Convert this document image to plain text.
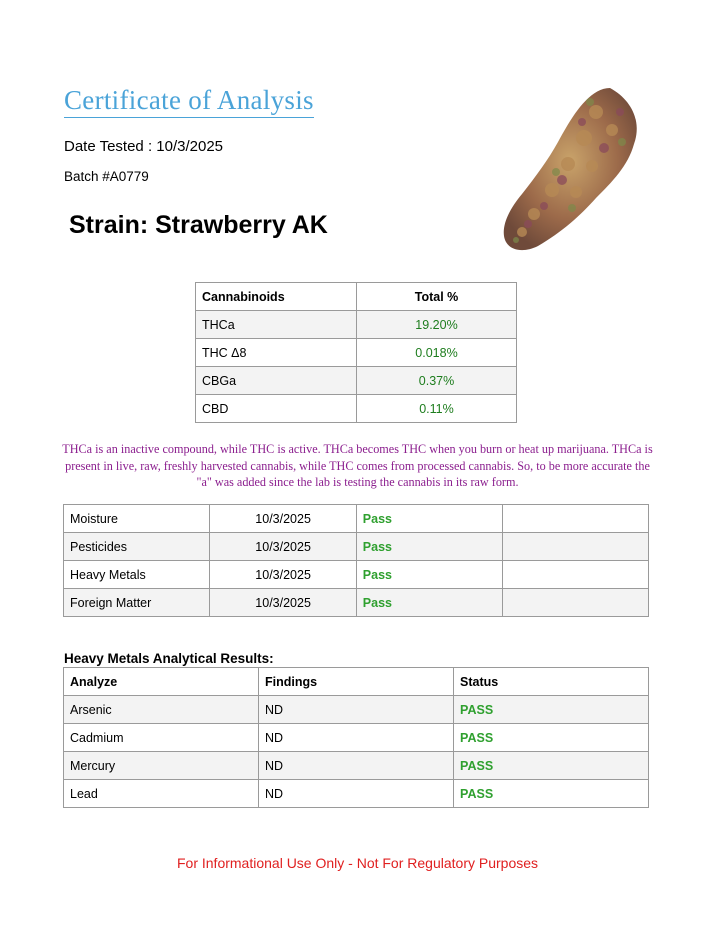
Certificate of Analysis
Date Tested : 10/3/2025
Batch #A0779
Strain: Strawberry AK
Cannabinoids	Total %
THCa	19.20%
THC Δ8	0.018%
CBGa	0.37%
CBD	0.11%
THCa is an inactive compound, while THC is active. THCa becomes THC when you burn or heat up marijuana. THCa is present in live, raw, freshly harvested cannabis, while THC comes from processed cannabis. So, to be more accurate the "a" was added since the lab is testing the cannabis in its raw form.
Moisture	10/3/2025	Pass	
Pesticides	10/3/2025	Pass	
Heavy Metals	10/3/2025	Pass	
Foreign Matter	10/3/2025	Pass	
Heavy Metals Analytical Results:
Analyze	Findings	Status
Arsenic	ND	PASS
Cadmium	ND	PASS
Mercury	ND	PASS
Lead	ND	PASS
For Informational Use Only - Not For Regulatory Purposes
